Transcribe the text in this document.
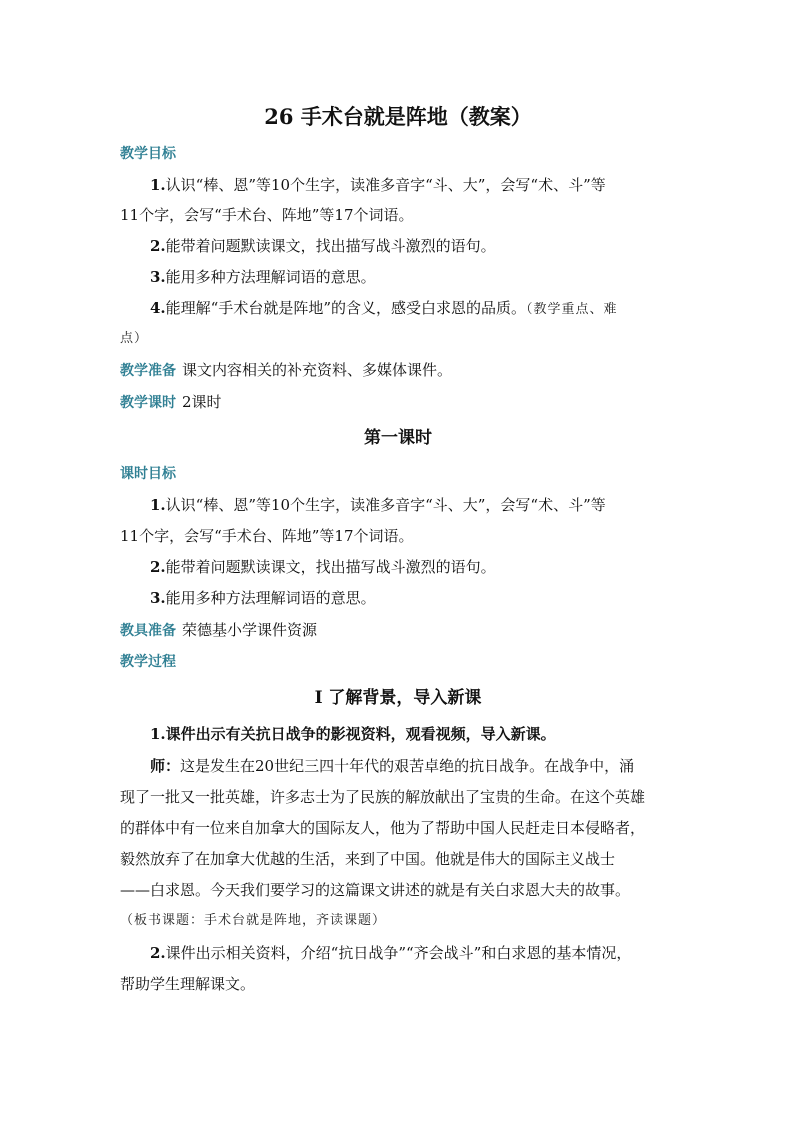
26 手术台就是阵地（教案）
教学目标
1.认识“棒、恩”等10个生字，读准多音字“斗、大”，会写“术、斗”等
11个字，会写“手术台、阵地”等17个词语。
2.能带着问题默读课文，找出描写战斗激烈的语句。
3.能用多种方法理解词语的意思。
4.能理解“手术台就是阵地”的含义，感受白求恩的品质。（教学重点、难
点）
教学准备 课文内容相关的补充资料、多媒体课件。
教学课时 2课时
第一课时
课时目标
1.认识“棒、恩”等10个生字，读准多音字“斗、大”，会写“术、斗”等
11个字，会写“手术台、阵地”等17个词语。
2.能带着问题默读课文，找出描写战斗激烈的语句。
3.能用多种方法理解词语的意思。
教具准备 荣德基小学课件资源
教学过程
Ⅰ 了解背景，导入新课
1.课件出示有关抗日战争的影视资料，观看视频，导入新课。
师：这是发生在20世纪三四十年代的艰苦卓绝的抗日战争。在战争中，涌
现了一批又一批英雄，许多志士为了民族的解放献出了宝贵的生命。在这个英雄
的群体中有一位来自加拿大的国际友人，他为了帮助中国人民赶走日本侵略者，
毅然放弃了在加拿大优越的生活，来到了中国。他就是伟大的国际主义战士
——白求恩。今天我们要学习的这篇课文讲述的就是有关白求恩大夫的故事。
（板书课题：手术台就是阵地，齐读课题）
2.课件出示相关资料，介绍“抗日战争”“齐会战斗”和白求恩的基本情况，
帮助学生理解课文。
